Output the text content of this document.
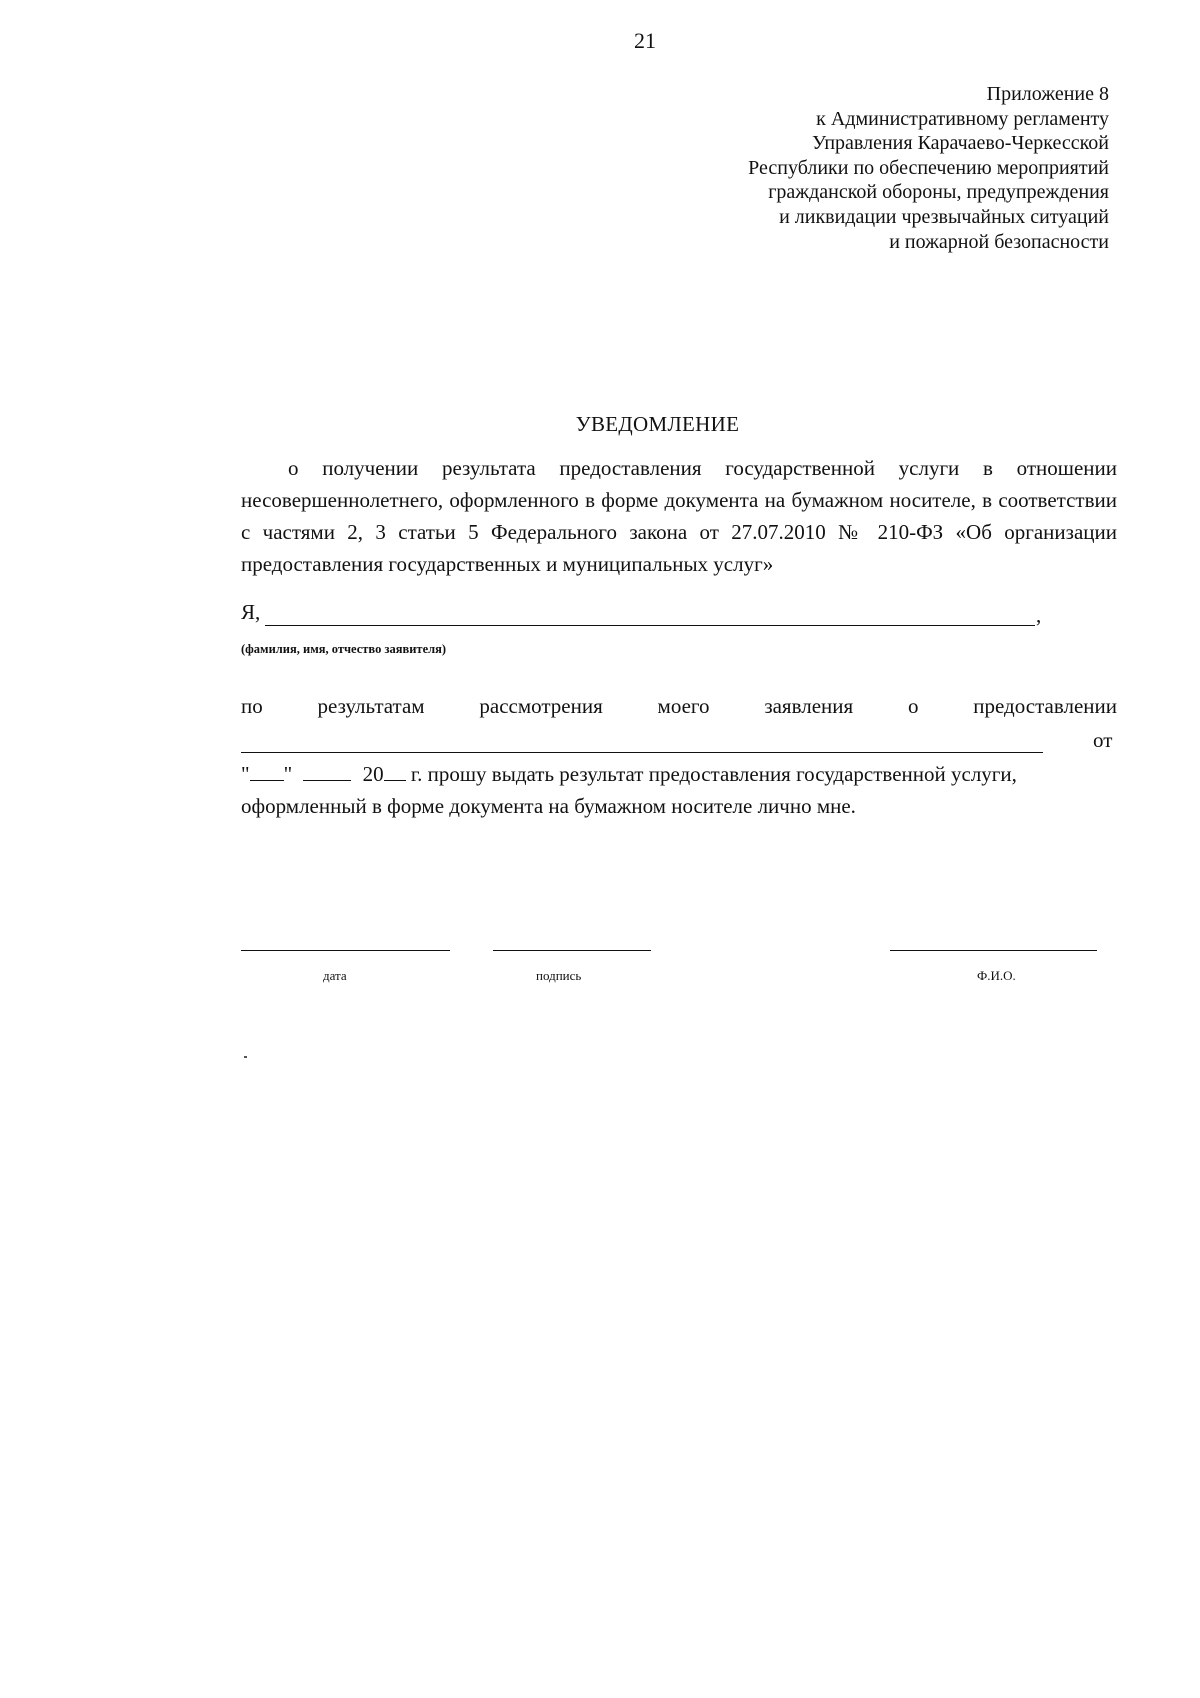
21
Приложение 8
к Административному регламенту
Управления Карачаево-Черкесской
Республики по обеспечению мероприятий
гражданской обороны, предупреждения
и ликвидации чрезвычайных ситуаций
и пожарной безопасности
УВЕДОМЛЕНИЕ
о получении результата предоставления государственной услуги в отношении несовершеннолетнего, оформленного в форме документа на бумажном носителе, в соответствии с частями 2, 3 статьи 5 Федерального закона от 27.07.2010 № 210-ФЗ «Об организации предоставления государственных и муниципальных услуг»
Я,	,
(фамилия, имя, отчество заявителя)
по	результатам	рассмотрения	моего	заявления	о	предоставлении
от
" "	20 г. прошу выдать результат предоставления государственной услуги,
оформленный в форме документа на бумажном носителе лично мне.
дата	подпись	Ф.И.О.
